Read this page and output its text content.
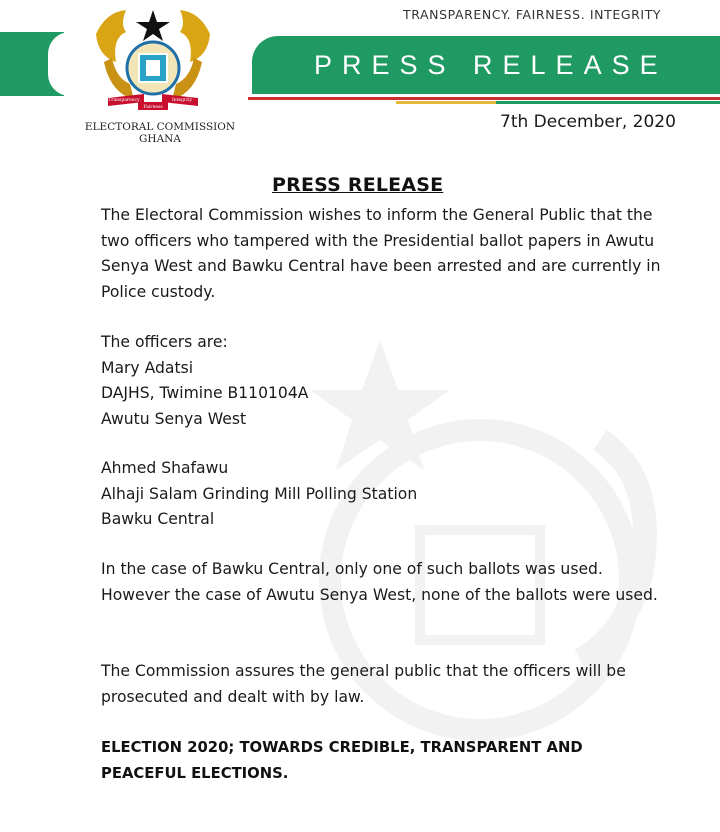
TRANSPARENCY. FAIRNESS. INTEGRITY
PRESS RELEASE
Transparency	Integrity
Fairness
ELECTORAL COMMISSION
GHANA
7th December, 2020
PRESS RELEASE
The Electoral Commission wishes to inform the General Public that the two officers who tampered with the Presidential ballot papers in Awutu Senya West and Bawku Central have been arrested and are currently in Police custody.
The officers are:
Mary Adatsi
DAJHS, Twimine B110104A
Awutu Senya West
Ahmed Shafawu
Alhaji Salam Grinding Mill Polling Station
Bawku Central
In the case of Bawku Central, only one of such ballots was used. However the case of Awutu Senya West, none of the ballots were used.
The Commission assures the general public that the officers will be prosecuted and dealt with by law.
ELECTION 2020; TOWARDS CREDIBLE, TRANSPARENT AND
PEACEFUL ELECTIONS.
